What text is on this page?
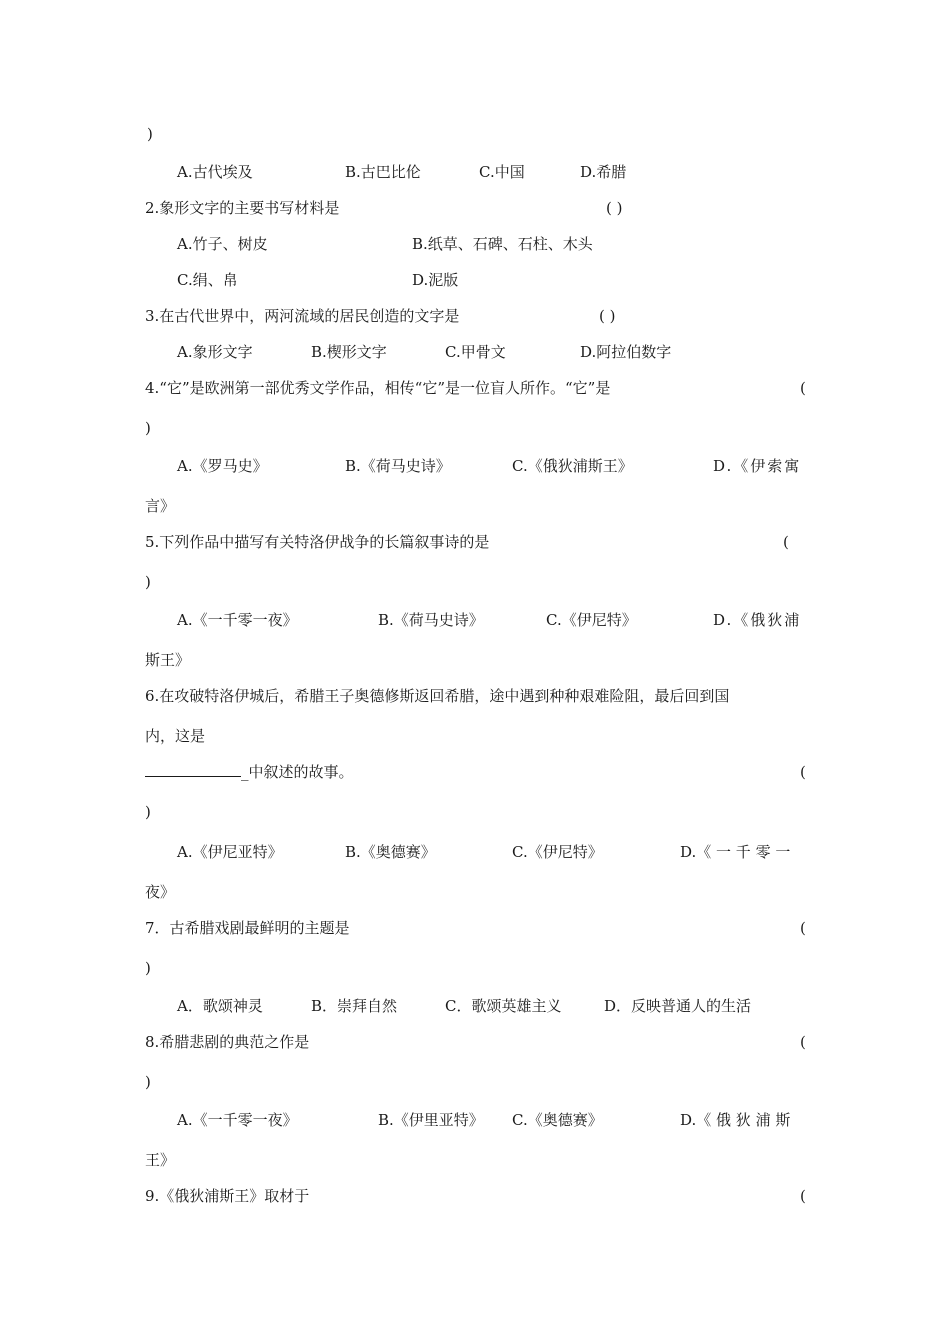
)
A.古代埃及	B.古巴比伦	C.中国	D.希腊
2.象形文字的主要书写材料是	( )
A.竹子、树皮	B.纸草、石碑、石柱、木头
C.绢、帛	D.泥版
3.在古代世界中，两河流域的居民创造的文字是	( )
A.象形文字	B.楔形文字	C.甲骨文	D.阿拉伯数字
4.“它”是欧洲第一部优秀文学作品，相传“它”是一位盲人所作。“它”是	(
)
A.《罗马史》	B.《荷马史诗》	C.《俄狄浦斯王》	D.《伊索寓
言》
5.下列作品中描写有关特洛伊战争的长篇叙事诗的是	(
)
A.《一千零一夜》	B.《荷马史诗》	C.《伊尼特》	D.《俄狄浦
斯王》
6.在攻破特洛伊城后，希腊王子奥德修斯返回希腊，途中遇到种种艰难险阻，最后回到国
内，这是
_中叙述的故事。	(
)
A.《伊尼亚特》	B.《奥德赛》	C.《伊尼特》	D.《 一 千 零 一
夜》
7．古希腊戏剧最鲜明的主题是	(
)
A．歌颂神灵	B．崇拜自然	C．歌颂英雄主义	D．反映普通人的生活
8.希腊悲剧的典范之作是	(
)
A.《一千零一夜》	B.《伊里亚特》 C.《奥德赛》	D.《 俄 狄 浦 斯
王》
9.《俄狄浦斯王》取材于	(
